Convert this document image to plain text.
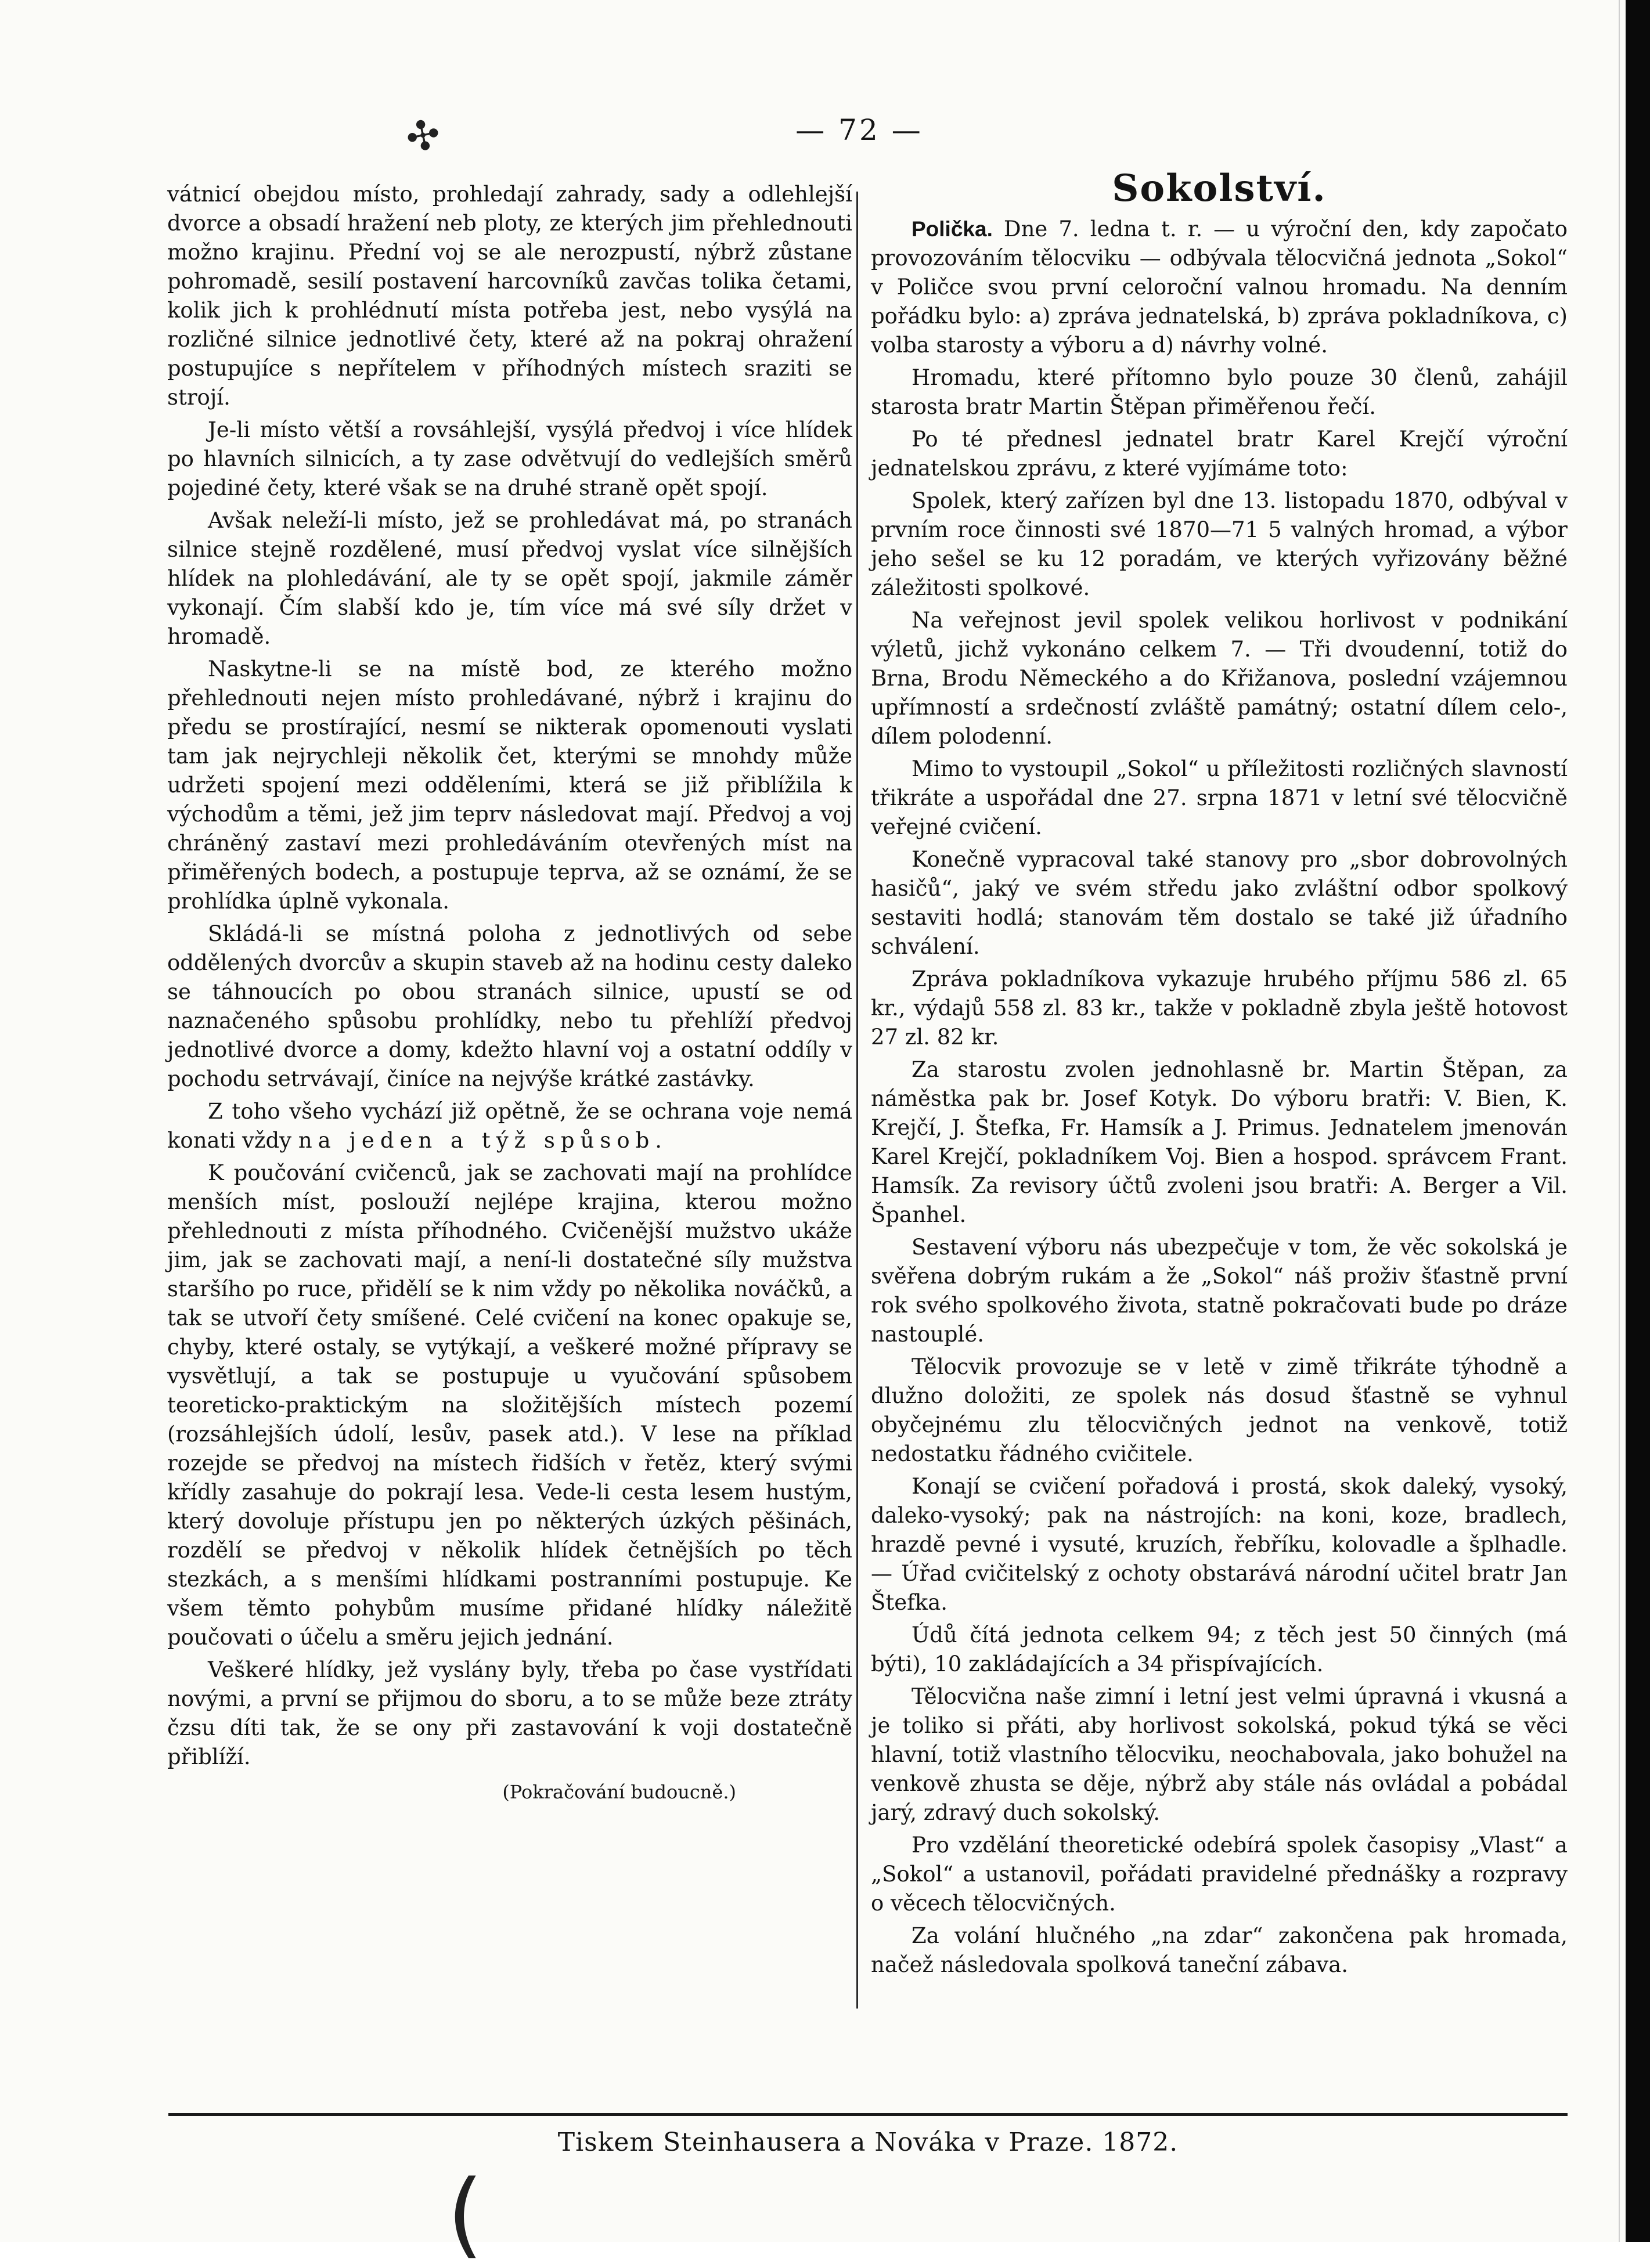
✣	— 72 —

vátnicí obejdou místo, prohledají zahrady, sady a odlehlejší dvorce a obsadí hražení neb ploty, ze kterých jim přehlednouti možno krajinu. Přední voj se ale nerozpustí, nýbrž zůstane pohromadě, sesilí postavení harcovníků zavčas tolika četami, kolik jich k prohlédnutí místa potřeba jest, nebo vysýlá na rozličné silnice jednotlivé čety, které až na pokraj ohražení postupujíce s nepřítelem v příhodných místech sraziti se strojí.

Je-li místo větší a rovsáhlejší, vysýlá předvoj i více hlídek po hlavních silnicích, a ty zase odvětvují do vedlejších směrů pojediné čety, které však se na druhé straně opět spojí.

Avšak neleží-li místo, jež se prohledávat má, po stranách silnice stejně rozdělené, musí předvoj vyslat více silnějších hlídek na plohledávání, ale ty se opět spojí, jakmile záměr vykonají. Čím slabší kdo je, tím více má své síly držet v hromadě.

Naskytne-li se na místě bod, ze kterého možno přehlednouti nejen místo prohledávané, nýbrž i krajinu do předu se prostírající, nesmí se nikterak opomenouti vyslati tam jak nejrychleji několik čet, kterými se mnohdy může udržeti spojení mezi odděleními, která se již přiblížila k východům a těmi, jež jim teprv následovat mají. Předvoj a voj chráněný zastaví mezi prohledáváním otevřených míst na přiměřených bodech, a postupuje teprva, až se oznámí, že se prohlídka úplně vykonala.

Skládá-li se místná poloha z jednotlivých od sebe oddělených dvorcův a skupin staveb až na hodinu cesty daleko se táhnoucích po obou stranách silnice, upustí se od naznačeného spůsobu prohlídky, nebo tu přehlíží předvoj jednotlivé dvorce a domy, kdežto hlavní voj a ostatní oddíly v pochodu setrvávají, činíce na nejvýše krátké zastávky.

Z toho všeho vychází již opětně, že se ochrana voje nemá konati vždy na jeden a týž spůsob.

K poučování cvičenců, jak se zachovati mají na prohlídce menších míst, poslouží nejlépe krajina, kterou možno přehlednouti z místa příhodného. Cvičenější mužstvo ukáže jim, jak se zachovati mají, a není-li dostatečné síly mužstva staršího po ruce, přidělí se k nim vždy po několika nováčků, a tak se utvoří čety smíšené. Celé cvičení na konec opakuje se, chyby, které ostaly, se vytýkají, a veškeré možné přípravy se vysvětlují, a tak se postupuje u vyučování spůsobem teoreticko-praktickým na složitějších místech pozemí (rozsáhlejších údolí, lesův, pasek atd.). V lese na příklad rozejde se předvoj na místech řidších v řetěz, který svými křídly zasahuje do pokrají lesa. Vede-li cesta lesem hustým, který dovoluje přístupu jen po některých úzkých pěšinách, rozdělí se předvoj v několik hlídek četnějších po těch stezkách, a s menšími hlídkami postranními postupuje. Ke všem těmto pohybům musíme přidané hlídky náležitě poučovati o účelu a směru jejich jednání.

Veškeré hlídky, jež vyslány byly, třeba po čase vystřídati novými, a první se přijmou do sboru, a to se může beze ztráty čzsu díti tak, že se ony při zastavování k voji dostatečně přiblíží.

(Pokračování budoucně.)

Sokolství.

Polička. Dne 7. ledna t. r. — u výroční den, kdy započato provozováním tělocviku — odbývala tělocvičná jednota „Sokol“ v Poličce svou první celoroční valnou hromadu. Na denním pořádku bylo: a) zpráva jednatelská, b) zpráva pokladníkova, c) volba starosty a výboru a d) návrhy volné.

Hromadu, které přítomno bylo pouze 30 členů, zahájil starosta bratr Martin Štěpan přiměřenou řečí.

Po té přednesl jednatel bratr Karel Krejčí výroční jednatelskou zprávu, z které vyjímáme toto:

Spolek, který zařízen byl dne 13. listopadu 1870, odbýval v prvním roce činnosti své 1870—71 5 valných hromad, a výbor jeho sešel se ku 12 poradám, ve kterých vyřizovány běžné záležitosti spolkové.

Na veřejnost jevil spolek velikou horlivost v podnikání výletů, jichž vykonáno celkem 7. — Tři dvoudenní, totiž do Brna, Brodu Německého a do Křižanova, poslední vzájemnou upřímností a srdečností zvláště památný; ostatní dílem celo-, dílem polodenní.

Mimo to vystoupil „Sokol“ u příležitosti rozličných slavností třikráte a uspořádal dne 27. srpna 1871 v letní své tělocvičně veřejné cvičení.

Konečně vypracoval také stanovy pro „sbor dobrovolných hasičů“, jaký ve svém středu jako zvláštní odbor spolkový sestaviti hodlá; stanovám těm dostalo se také již úřadního schválení.

Zpráva pokladníkova vykazuje hrubého příjmu 586 zl. 65 kr., výdajů 558 zl. 83 kr., takže v pokladně zbyla ještě hotovost 27 zl. 82 kr.

Za starostu zvolen jednohlasně br. Martin Štěpan, za náměstka pak br. Josef Kotyk. Do výboru bratři: V. Bien, K. Krejčí, J. Štefka, Fr. Hamsík a J. Primus. Jednatelem jmenován Karel Krejčí, pokladníkem Voj. Bien a hospod. správcem Frant. Hamsík. Za revisory účtů zvoleni jsou bratři: A. Berger a Vil. Španhel.

Sestavení výboru nás ubezpečuje v tom, že věc sokolská je svěřena dobrým rukám a že „Sokol“ náš proživ šťastně první rok svého spolkového života, statně pokračovati bude po dráze nastouplé.

Tělocvik provozuje se v letě v zimě třikráte týhodně a dlužno doložiti, ze spolek nás dosud šťastně se vyhnul obyčejnému zlu tělocvičných jednot na venkově, totiž nedostatku řádného cvičitele.

Konají se cvičení pořadová i prostá, skok daleký, vysoký, daleko-vysoký; pak na nástrojích: na koni, koze, bradlech, hrazdě pevné i vysuté, kruzích, řebříku, kolovadle a šplhadle. — Úřad cvičitelský z ochoty obstarává národní učitel bratr Jan Štefka.

Údů čítá jednota celkem 94; z těch jest 50 činných (má býti), 10 zakládajících a 34 přispívajících.

Tělocvična naše zimní i letní jest velmi úpravná i vkusná a je toliko si přáti, aby horlivost sokolská, pokud týká se věci hlavní, totiž vlastního tělocviku, neochabovala, jako bohužel na venkově zhusta se děje, nýbrž aby stále nás ovládal a pobádal jarý, zdravý duch sokolský.

Pro vzdělání theoretické odebírá spolek časopisy „Vlast“ a „Sokol“ a ustanovil, pořádati pravidelné přednášky a rozpravy o věcech tělocvičných.

Za volání hlučného „na zdar“ zakončena pak hromada, načež následovala spolková taneční zábava.

Tiskem Steinhausera a Nováka v Praze. 1872.
(
